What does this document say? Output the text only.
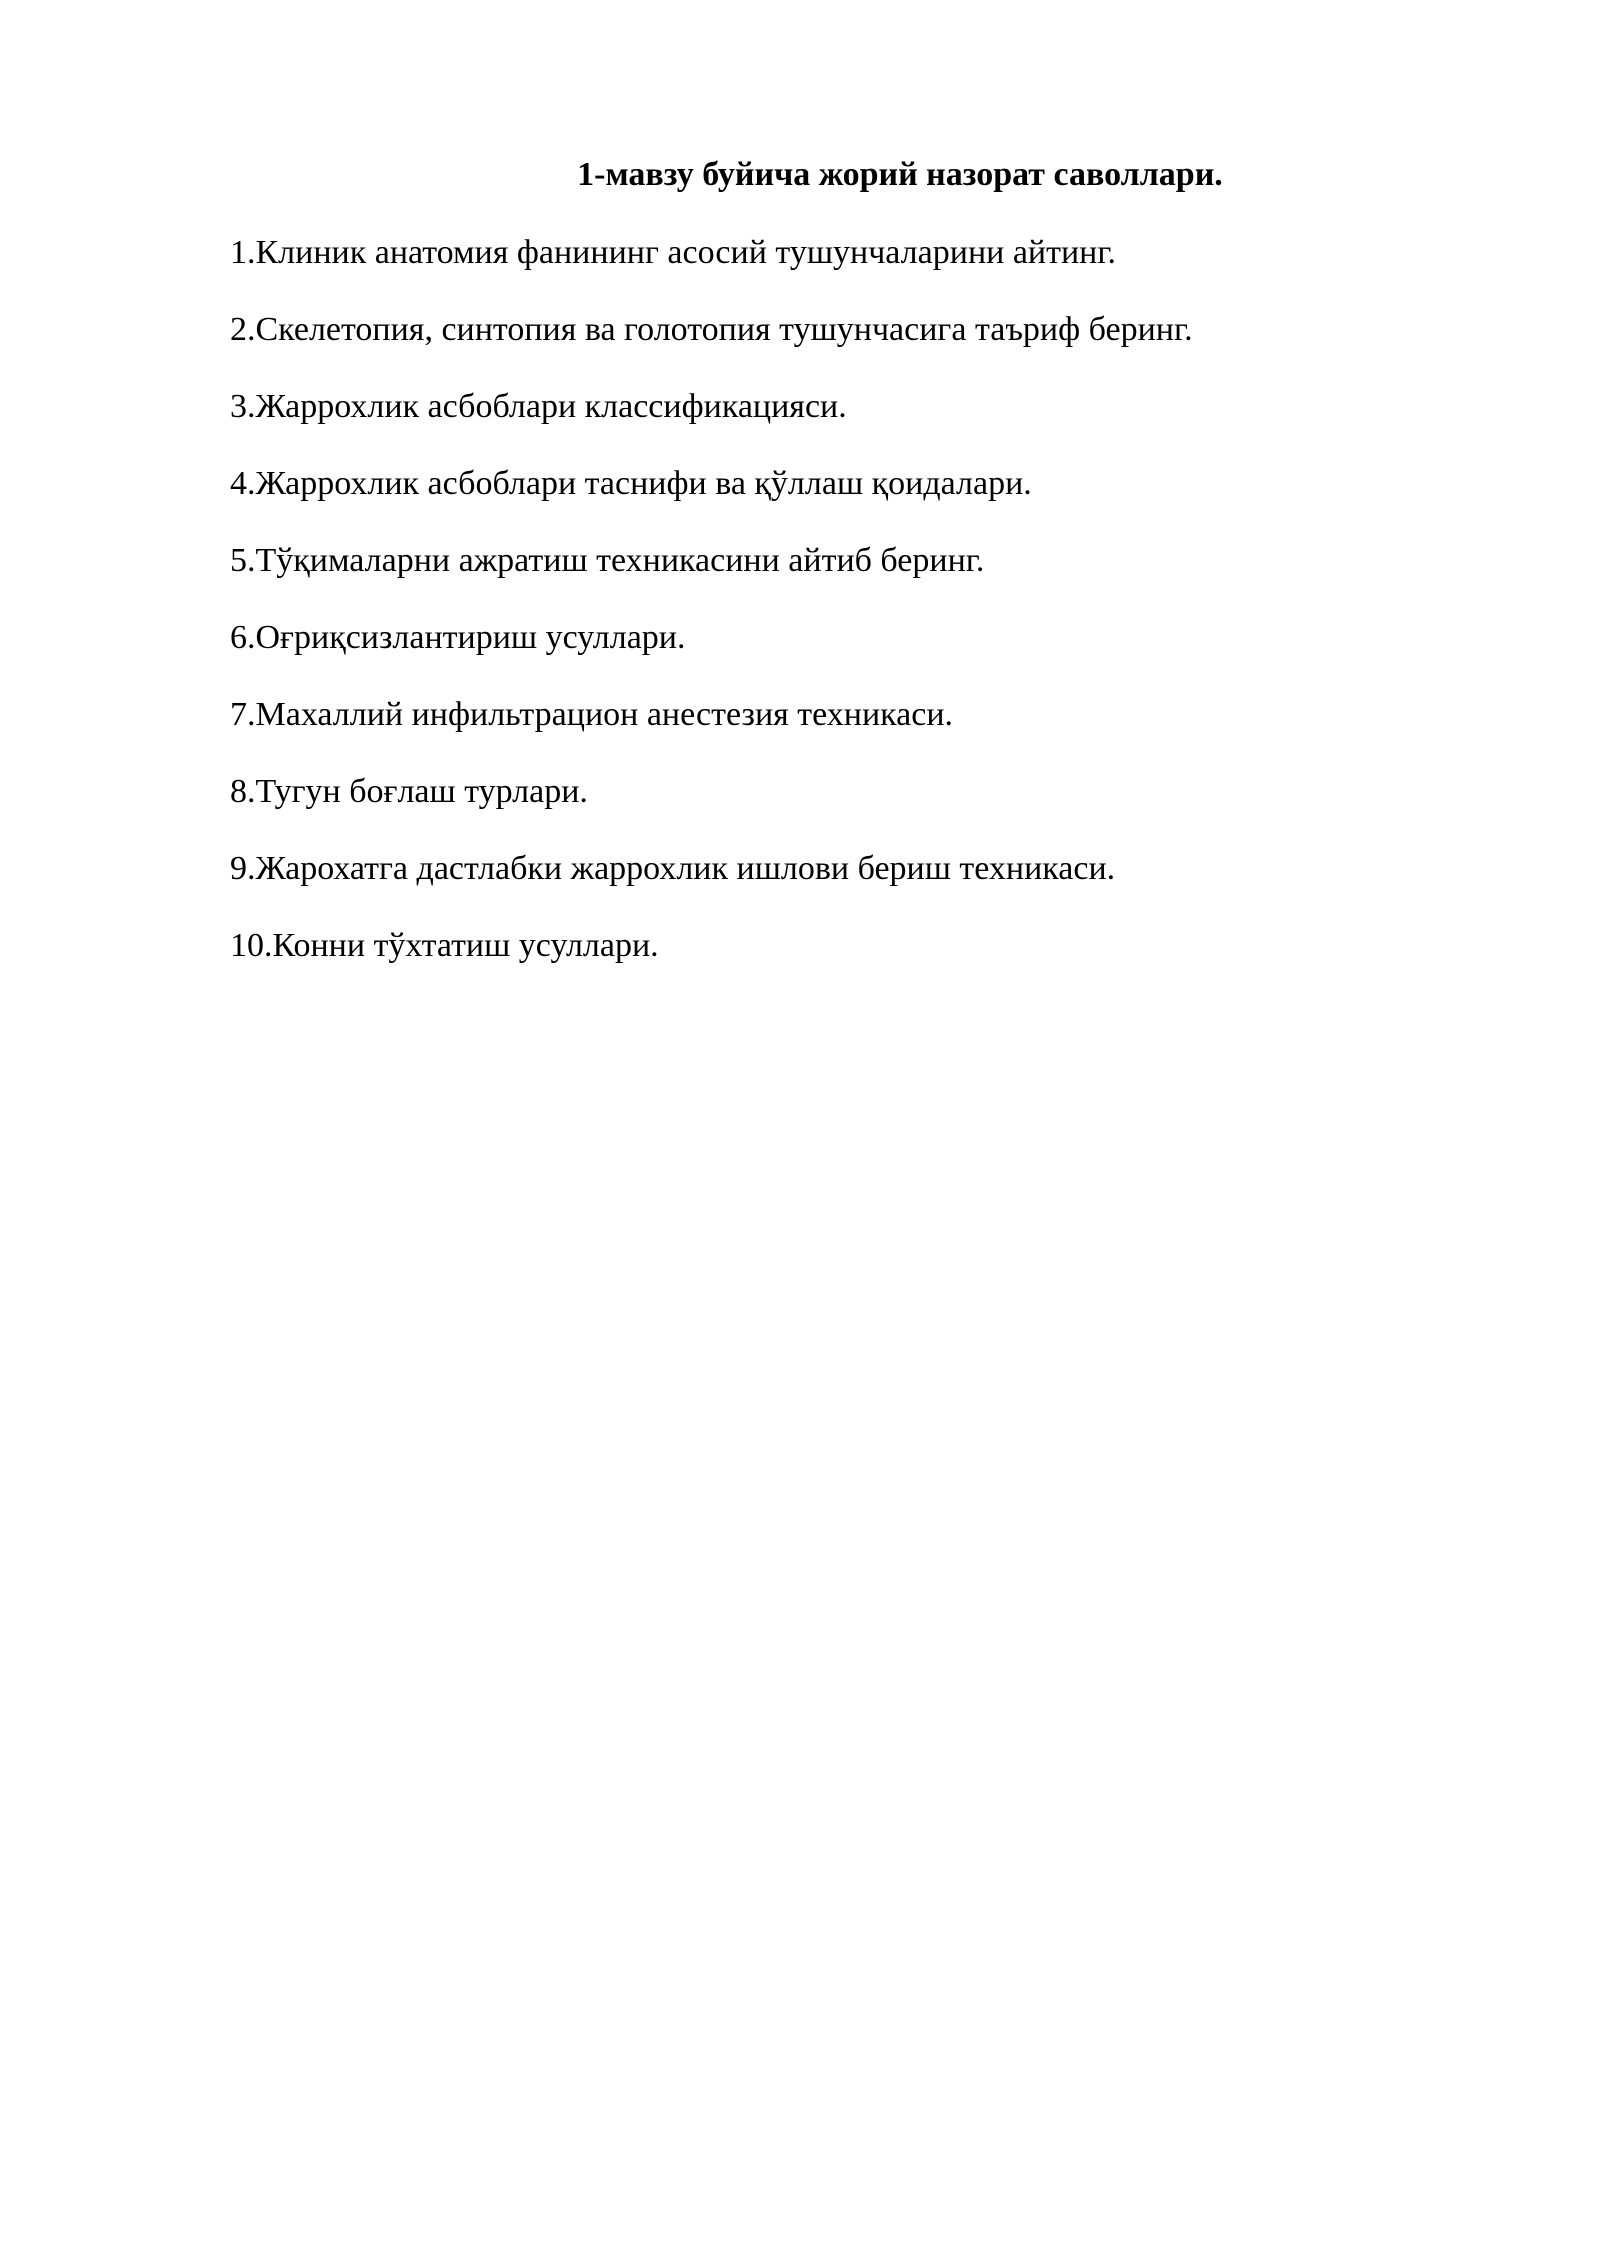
1-мавзу буйича жорий назорат саволлари.
1.Клиник анатомия фанининг асосий тушунчаларини айтинг.
2.Скелетопия, синтопия ва голотопия тушунчасига таъриф беринг.
3.Жаррохлик асбоблари классификацияси.
4.Жаррохлик асбоблари таснифи ва қўллаш қоидалари.
5.Тўқималарни ажратиш техникасини айтиб беринг.
6.Оғриқсизлантириш усуллари.
7.Махаллий инфильтрацион анестезия техникаси.
8.Тугун боғлаш турлари.
9.Жарохатга дастлабки жаррохлик ишлови бериш техникаси.
10.Конни тўхтатиш усуллари.
